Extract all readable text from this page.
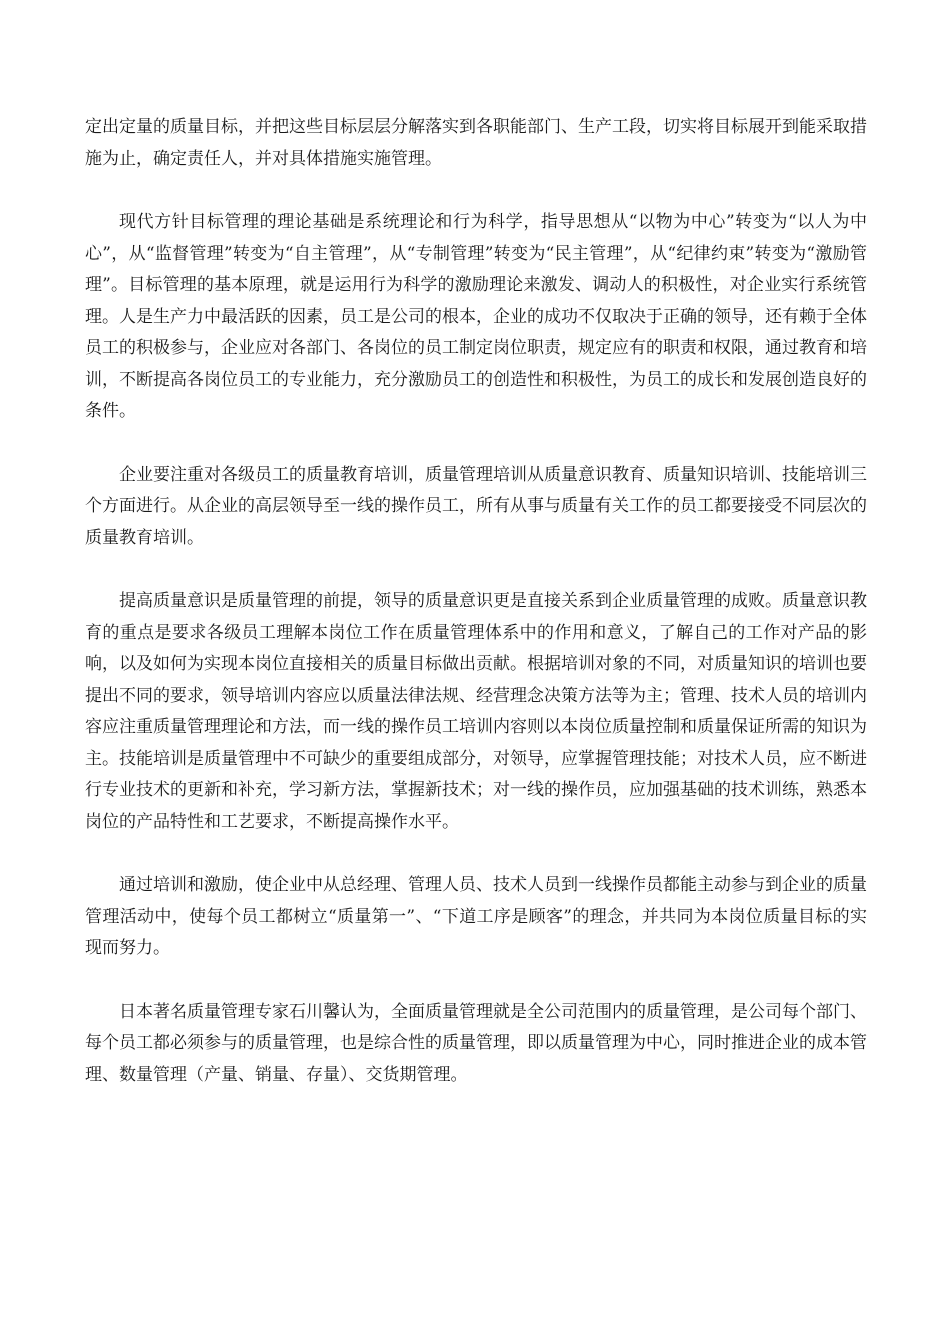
定出定量的质量目标，并把这些目标层层分解落实到各职能部门、生产工段，切实将目标展开到能采取措施为止，确定责任人，并对具体措施实施管理。

现代方针目标管理的理论基础是系统理论和行为科学，指导思想从“以物为中心”转变为“以人为中心”，从“监督管理”转变为“自主管理”，从“专制管理”转变为“民主管理”，从“纪律约束”转变为“激励管理”。目标管理的基本原理，就是运用行为科学的激励理论来激发、调动人的积极性，对企业实行系统管理。人是生产力中最活跃的因素，员工是公司的根本，企业的成功不仅取决于正确的领导，还有赖于全体员工的积极参与，企业应对各部门、各岗位的员工制定岗位职责，规定应有的职责和权限，通过教育和培训，不断提高各岗位员工的专业能力，充分激励员工的创造性和积极性，为员工的成长和发展创造良好的条件。

企业要注重对各级员工的质量教育培训，质量管理培训从质量意识教育、质量知识培训、技能培训三个方面进行。从企业的高层领导至一线的操作员工，所有从事与质量有关工作的员工都要接受不同层次的质量教育培训。

提高质量意识是质量管理的前提，领导的质量意识更是直接关系到企业质量管理的成败。质量意识教育的重点是要求各级员工理解本岗位工作在质量管理体系中的作用和意义，了解自己的工作对产品的影响，以及如何为实现本岗位直接相关的质量目标做出贡献。根据培训对象的不同，对质量知识的培训也要提出不同的要求，领导培训内容应以质量法律法规、经营理念决策方法等为主；管理、技术人员的培训内容应注重质量管理理论和方法，而一线的操作员工培训内容则以本岗位质量控制和质量保证所需的知识为主。技能培训是质量管理中不可缺少的重要组成部分，对领导，应掌握管理技能；对技术人员，应不断进行专业技术的更新和补充，学习新方法，掌握新技术；对一线的操作员，应加强基础的技术训练，熟悉本岗位的产品特性和工艺要求，不断提高操作水平。

通过培训和激励，使企业中从总经理、管理人员、技术人员到一线操作员都能主动参与到企业的质量管理活动中，使每个员工都树立“质量第一”、“下道工序是顾客”的理念，并共同为本岗位质量目标的实现而努力。

日本著名质量管理专家石川馨认为，全面质量管理就是全公司范围内的质量管理，是公司每个部门、每个员工都必须参与的质量管理，也是综合性的质量管理，即以质量管理为中心，同时推进企业的成本管理、数量管理（产量、销量、存量）、交货期管理。
